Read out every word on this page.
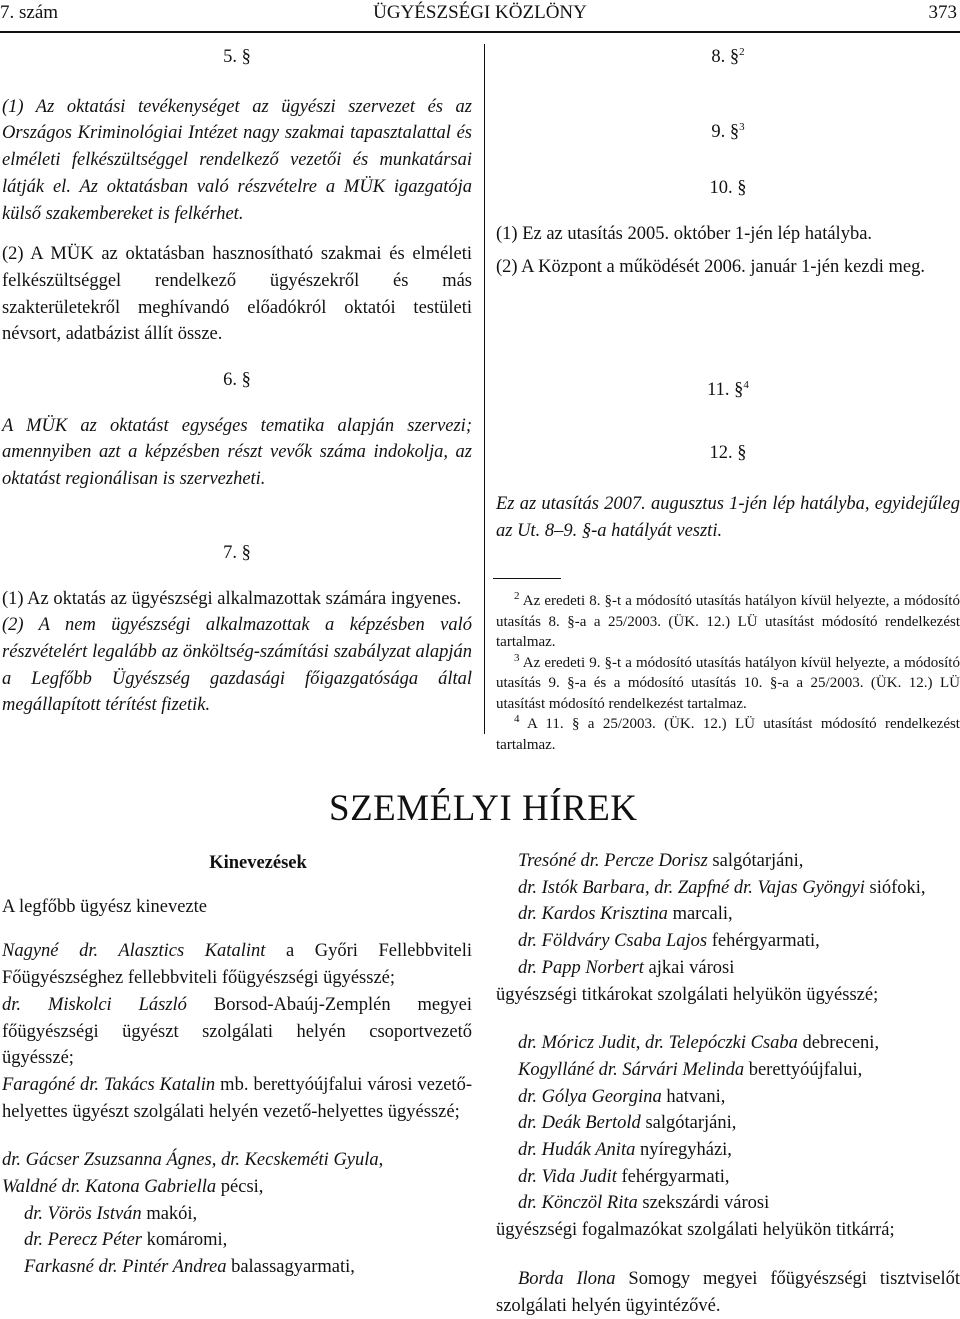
7. szám	ÜGYÉSZSÉGI KÖZLÖNY	373

5. §

(1) Az oktatási tevékenységet az ügyészi szervezet és az Országos Kriminológiai Intézet nagy szakmai tapasztalattal és elméleti felkészültséggel rendelkező vezetői és munkatársai látják el. Az oktatásban való részvételre a MÜK igazgatója külső szakembereket is felkérhet.

(2) A MÜK az oktatásban hasznosítható szakmai és elméleti felkészültséggel rendelkező ügyészekről és más szakterületekről meghívandó előadókról oktatói testületi névsort, adatbázist állít össze.

6. §

A MÜK az oktatást egységes tematika alapján szervezi; amennyiben azt a képzésben részt vevők száma indokolja, az oktatást regionálisan is szervezheti.

7. §

(1) Az oktatás az ügyészségi alkalmazottak számára ingyenes.

(2) A nem ügyészségi alkalmazottak a képzésben való részvételért legalább az önköltség-számítási szabályzat alapján a Legfőbb Ügyészség gazdasági főigazgatósága által megállapított térítést fizetik.

8. §$^2$

9. §$^3$

10. §

(1) Ez az utasítás 2005. október 1-jén lép hatályba.

(2) A Központ a működését 2006. január 1-jén kezdi meg.

11. §$^4$

12. §

Ez az utasítás 2007. augusztus 1-jén lép hatályba, egyidejűleg az Ut. 8–9. §-a hatályát veszti.

$^2$ Az eredeti 8. §-t a módosító utasítás hatályon kívül helyezte, a módosító utasítás 8. §-a a 25/2003. (ÜK. 12.) LÜ utasítást módosító rendelkezést tartalmaz.

$^3$ Az eredeti 9. §-t a módosító utasítás hatályon kívül helyezte, a módosító utasítás 9. §-a és a módosító utasítás 10. §-a a 25/2003. (ÜK. 12.) LÜ utasítást módosító rendelkezést tartalmaz.

$^4$ A 11. § a 25/2003. (ÜK. 12.) LÜ utasítást módosító rendelkezést tartalmaz.

SZEMÉLYI HÍREK

Kinevezések

A legfőbb ügyész kinevezte

Nagyné dr. Alasztics Katalint a Győri Fellebbviteli Főügyészséghez fellebbviteli főügyészségi ügyésszé;

dr. Miskolci László Borsod-Abaúj-Zemplén megyei főügyészségi ügyészt szolgálati helyén csoportvezető ügyésszé;

Faragóné dr. Takács Katalin mb. berettyóújfalui városi vezető-helyettes ügyészt szolgálati helyén vezető-helyettes ügyésszé;

dr. Gácser Zsuzsanna Ágnes, dr. Kecskeméti Gyula,

Waldné dr. Katona Gabriella pécsi,

dr. Vörös István makói,

dr. Perecz Péter komáromi,

Farkasné dr. Pintér Andrea balassagyarmati,

Tresóné dr. Percze Dorisz salgótarjáni,

dr. Istók Barbara, dr. Zapfné dr. Vajas Gyöngyi siófoki,

dr. Kardos Krisztina marcali,

dr. Földváry Csaba Lajos fehérgyarmati,

dr. Papp Norbert ajkai városi

ügyészségi titkárokat szolgálati helyükön ügyésszé;

dr. Móricz Judit, dr. Telepóczki Csaba debreceni,

Kogylláné dr. Sárvári Melinda berettyóújfalui,

dr. Gólya Georgina hatvani,

dr. Deák Bertold salgótarjáni,

dr. Hudák Anita nyíregyházi,

dr. Vida Judit fehérgyarmati,

dr. Könczöl Rita szekszárdi városi

ügyészségi fogalmazókat szolgálati helyükön titkárrá;

Borda Ilona Somogy megyei főügyészségi tisztviselőt szolgálati helyén ügyintézővé.
